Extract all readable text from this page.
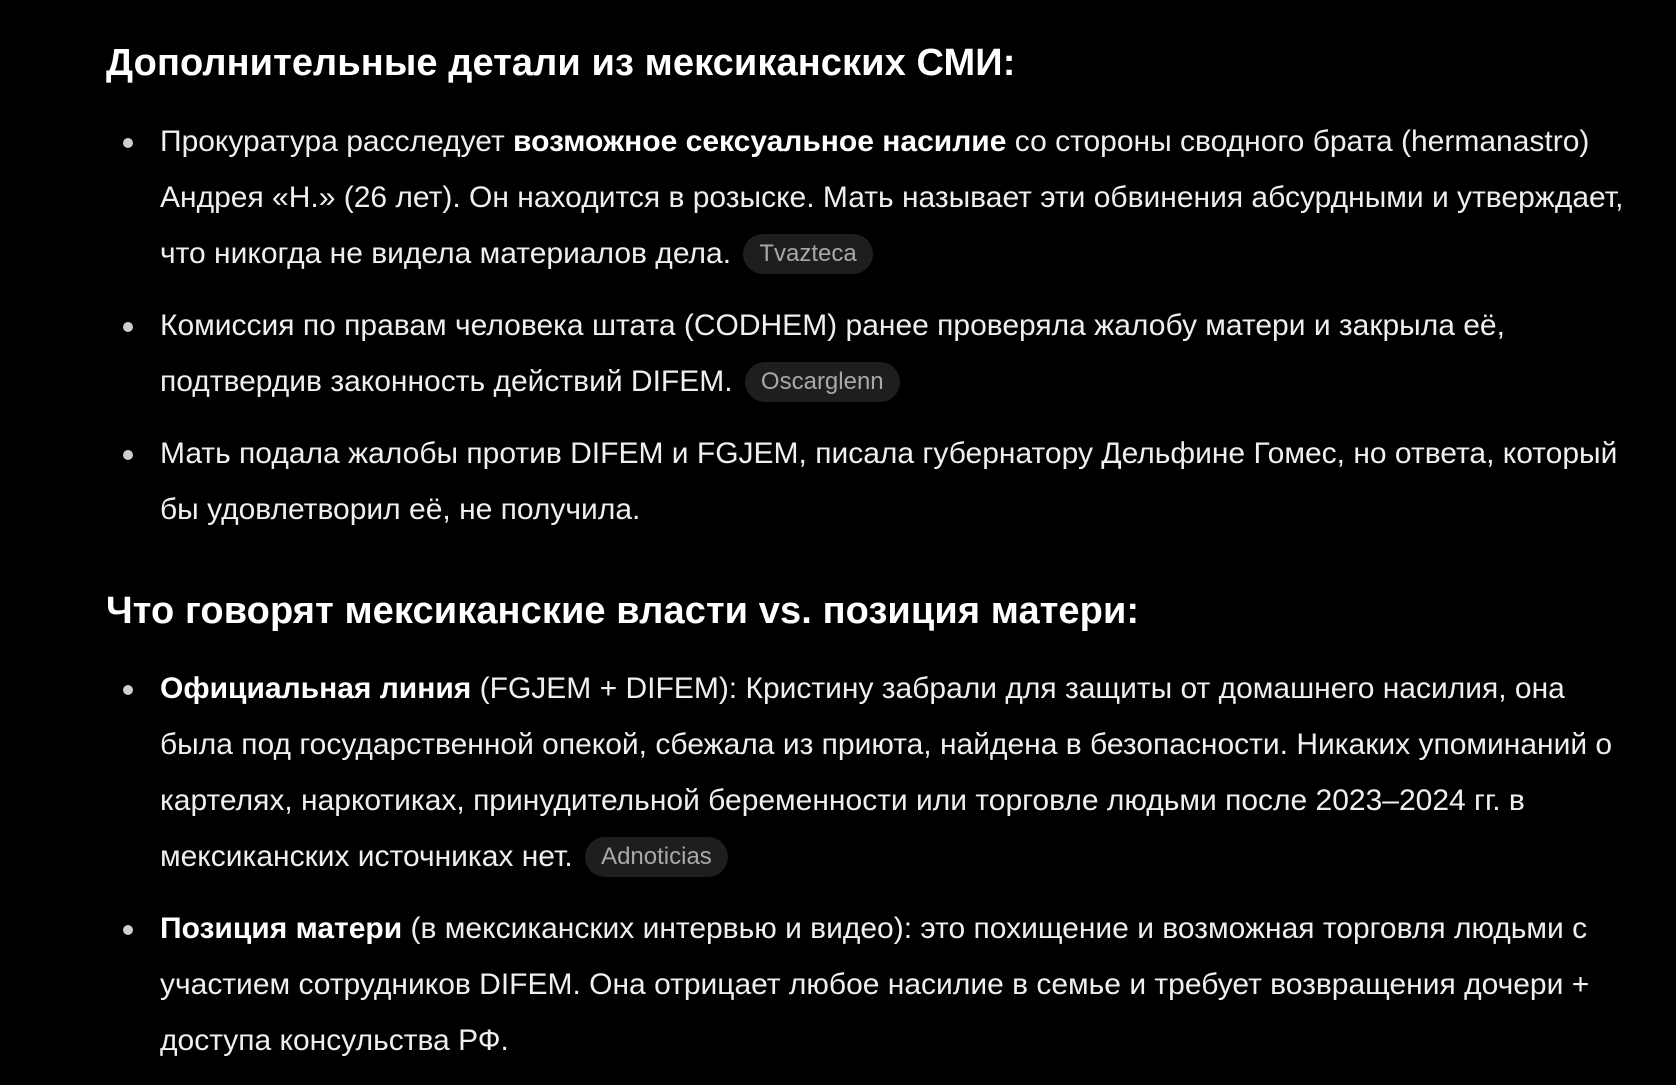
Дополнительные детали из мексиканских СМИ:
Прокуратура расследует возможное сексуальное насилие со стороны сводного брата (hermanastro) Андрея «Н.» (26 лет). Он находится в розыске. Мать называет эти обвинения абсурдными и утверждает, что никогда не видела материалов дела. Tvazteca
Комиссия по правам человека штата (CODHEM) ранее проверяла жалобу матери и закрыла её, подтвердив законность действий DIFEM. Oscarglenn
Мать подала жалобы против DIFEM и FGJEM, писала губернатору Дельфине Гомес, но ответа, который бы удовлетворил её, не получила.
Что говорят мексиканские власти vs. позиция матери:
Официальная линия (FGJEM + DIFEM): Кристину забрали для защиты от домашнего насилия, она была под государственной опекой, сбежала из приюта, найдена в безопасности. Никаких упоминаний о картелях, наркотиках, принудительной беременности или торговле людьми после 2023–2024 гг. в мексиканских источниках нет. Adnoticias
Позиция матери (в мексиканских интервью и видео): это похищение и возможная торговля людьми с участием сотрудников DIFEM. Она отрицает любое насилие в семье и требует возвращения дочери + доступа консульства РФ.
